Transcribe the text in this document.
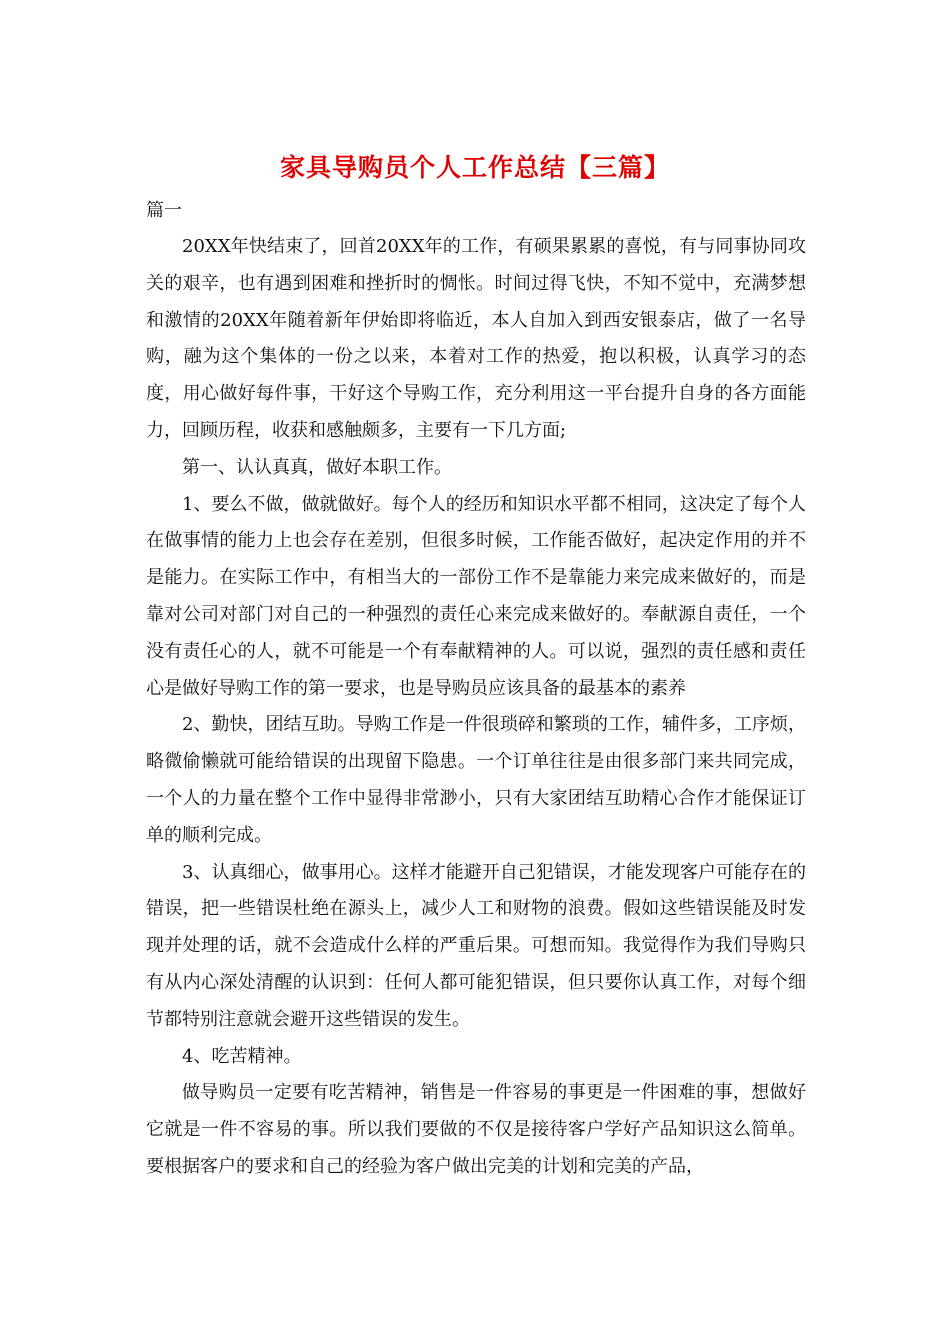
家具导购员个人工作总结【三篇】
篇一

20XX年快结束了，回首20XX年的工作，有硕果累累的喜悦，有与同事协同攻关的艰辛，也有遇到困难和挫折时的惆怅。时间过得飞快，不知不觉中，充满梦想和激情的20XX年随着新年伊始即将临近，本人自加入到西安银泰店，做了一名导购，融为这个集体的一份之以来，本着对工作的热爱，抱以积极，认真学习的态度，用心做好每件事，干好这个导购工作，充分利用这一平台提升自身的各方面能力，回顾历程，收获和感触颇多，主要有一下几方面;

第一、认认真真，做好本职工作。

1、要么不做，做就做好。每个人的经历和知识水平都不相同，这决定了每个人在做事情的能力上也会存在差别，但很多时候，工作能否做好，起决定作用的并不是能力。在实际工作中，有相当大的一部份工作不是靠能力来完成来做好的，而是靠对公司对部门对自己的一种强烈的责任心来完成来做好的。奉献源自责任，一个没有责任心的人，就不可能是一个有奉献精神的人。可以说，强烈的责任感和责任心是做好导购工作的第一要求，也是导购员应该具备的最基本的素养

2、勤快，团结互助。导购工作是一件很琐碎和繁琐的工作，辅件多，工序烦，略微偷懒就可能给错误的出现留下隐患。一个订单往往是由很多部门来共同完成，一个人的力量在整个工作中显得非常渺小，只有大家团结互助精心合作才能保证订单的顺利完成。

3、认真细心，做事用心。这样才能避开自己犯错误，才能发现客户可能存在的错误，把一些错误杜绝在源头上，减少人工和财物的浪费。假如这些错误能及时发现并处理的话，就不会造成什么样的严重后果。可想而知。我觉得作为我们导购只有从内心深处清醒的认识到：任何人都可能犯错误，但只要你认真工作，对每个细节都特别注意就会避开这些错误的发生。

4、吃苦精神。

做导购员一定要有吃苦精神，销售是一件容易的事更是一件困难的事，想做好它就是一件不容易的事。所以我们要做的不仅是接待客户学好产品知识这么简单。要根据客户的要求和自己的经验为客户做出完美的计划和完美的产品，
